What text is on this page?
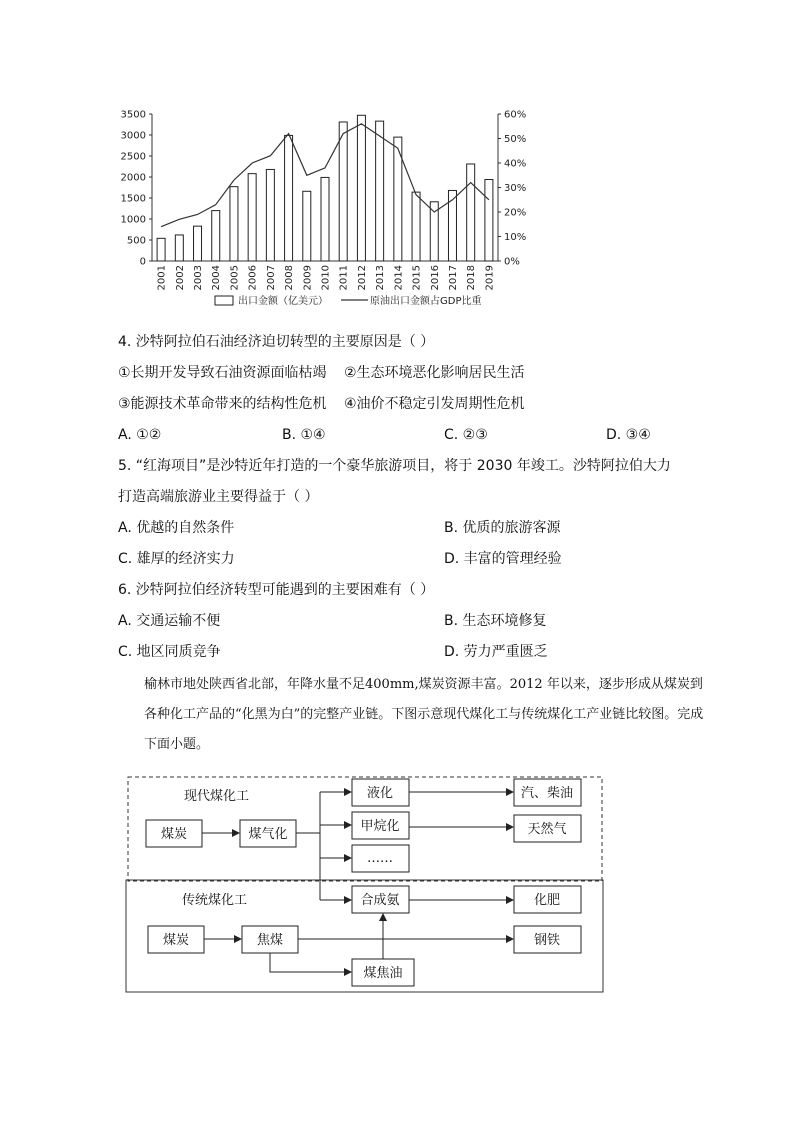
0
500
1000
1500
2000
2500
3000
3500
0%
10%
20%
30%
40%
50%
60%
2001 2002 2003 2004 2005 2006 2007 2008 2009 2010 2011 2012 2013 2014 2015 2016 2017 2018 2019
出口金额（亿美元）	原油出口金额占GDP比重
4. 沙特阿拉伯石油经济迫切转型的主要原因是（ ）
①长期开发导致石油资源面临枯竭 ②生态环境恶化影响居民生活
③能源技术革命带来的结构性危机 ④油价不稳定引发周期性危机
A. ①②	B. ①④	C. ②③	D. ③④
5. “红海项目”是沙特近年打造的一个豪华旅游项目，将于 2030 年竣工。沙特阿拉伯大力
打造高端旅游业主要得益于（ ）
A. 优越的自然条件	B. 优质的旅游客源
C. 雄厚的经济实力	D. 丰富的管理经验
6. 沙特阿拉伯经济转型可能遇到的主要困难有（ ）
A. 交通运输不便	B. 生态环境修复
C. 地区同质竞争	D. 劳力严重匮乏
榆林市地处陕西省北部，年降水量不足400mm,煤炭资源丰富。2012 年以来，逐步形成从煤炭到各种化工产品的“化黑为白”的完整产业链。下图示意现代煤化工与传统煤化工产业链比较图。完成下面小题。
现代煤化工
传统煤化工
煤炭	煤气化
液化
甲烷化
……
合成氨
汽、柴油
天然气
化肥
煤炭	焦煤	钢铁
煤焦油
